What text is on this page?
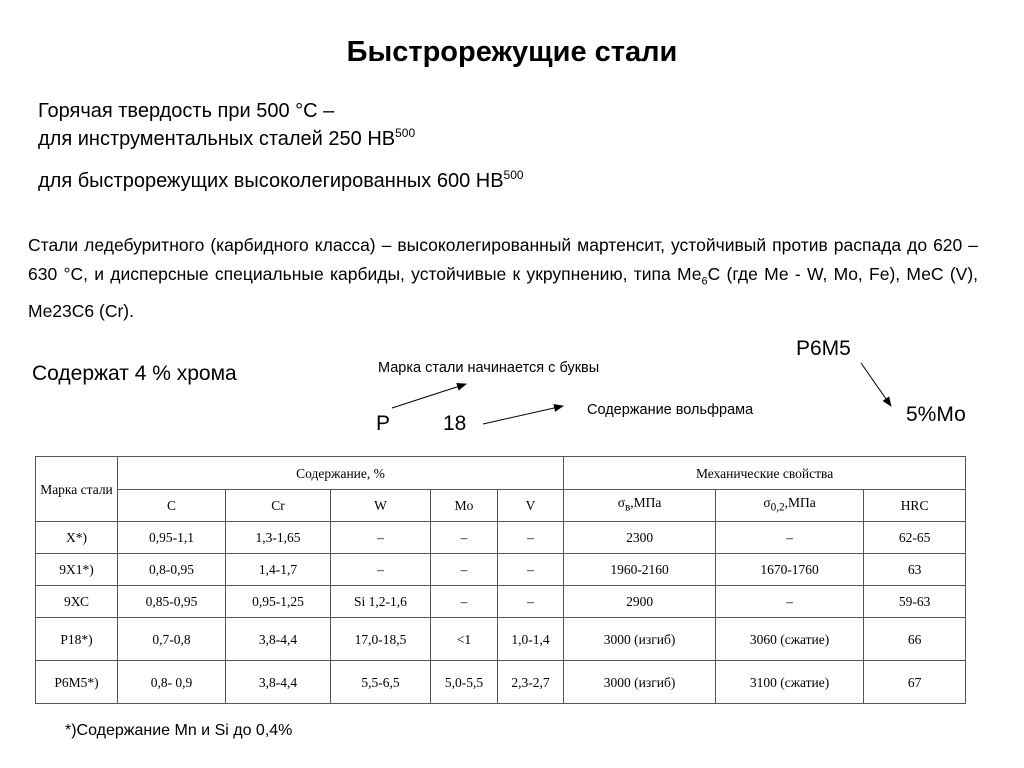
Быстрорежущие стали
Горячая твердость при 500 °С –
для инструментальных сталей 250 НВ$^{500}$
для быстрорежущих высоколегированных 600 НВ$^{500}$
Стали ледебуритного (карбидного класса) – высоколегированный мартенсит, устойчивый против распада до 620 – 630 °С, и дисперсные специальные карбиды, устойчивые к укрупнению, типа $Ме_6С$ (где Ме - W, Mo, Fe), МеС (V), Me23C6 (Cr).
Содержат 4 % хрома	Марка стали начинается с буквы
Р	18
Содержание вольфрама
Р6М5
5%Мо
Марка стали	Содержание, %					Механические свойства		
	С	Cr	W	Mo	V	$\sigma_в,МПа$	$\sigma_{0,2},МПа$	HRC
Х*)	0,95-1,1	1,3-1,65	–	–	–	2300	–	62-65
9Х1*)	0,8-0,95	1,4-1,7	–	–	–	1960-2160	1670-1760	63
9ХС	0,85-0,95	0,95-1,25	Si 1,2-1,6	–	–	2900	–	59-63
Р18*)	0,7-0,8	3,8-4,4	17,0-18,5	<1	1,0-1,4	3000 (изгиб)	3060 (сжатие)	66
Р6М5*)	0,8- 0,9	3,8-4,4	5,5-6,5	5,0-5,5	2,3-2,7	3000 (изгиб)	3100 (сжатие)	67
*)Содержание Mn и Si до 0,4%
